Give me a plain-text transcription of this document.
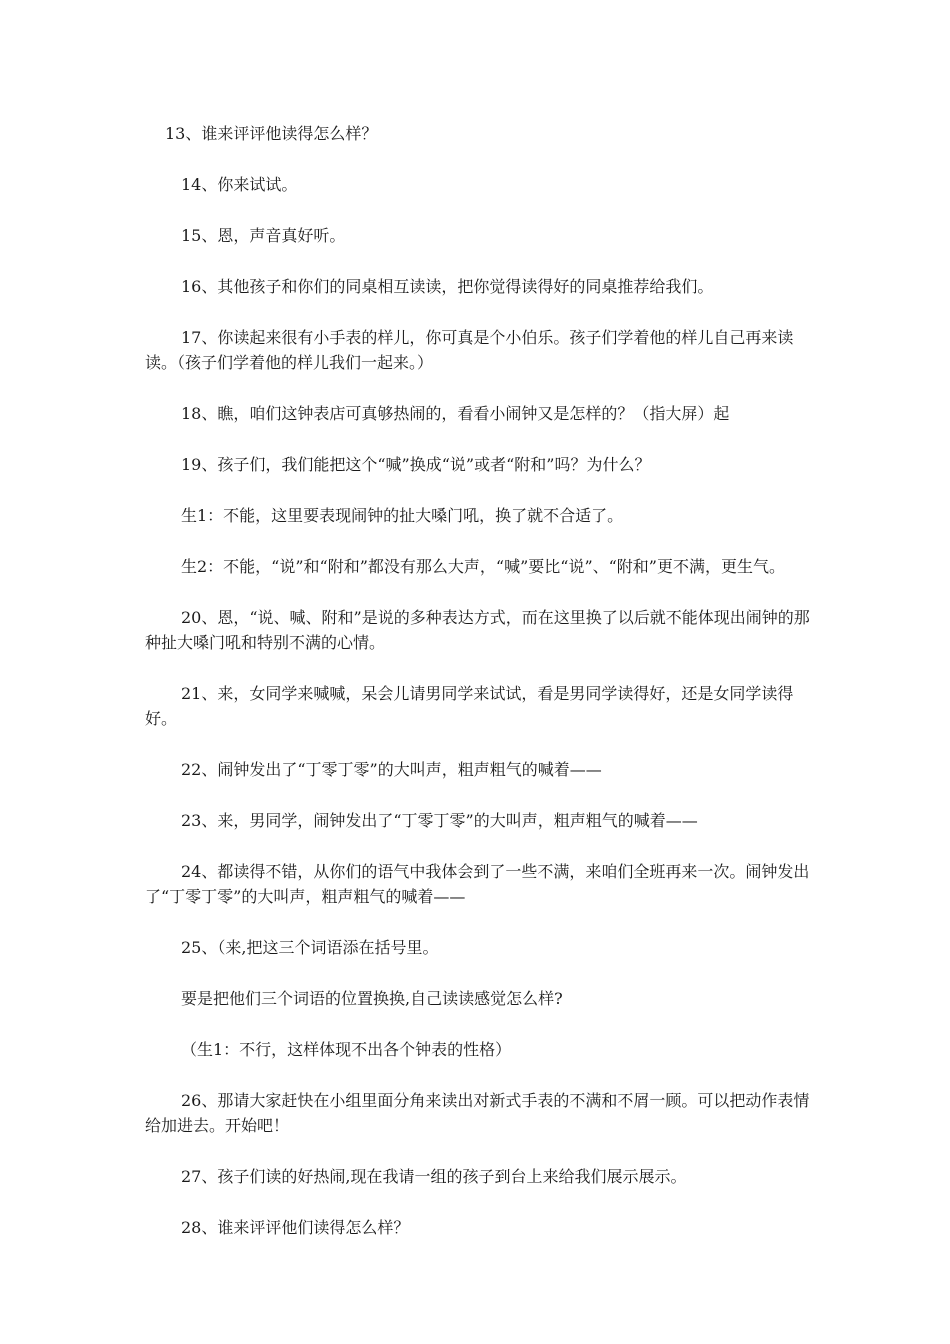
13、谁来评评他读得怎么样？

14、你来试试。

15、恩，声音真好听。

16、其他孩子和你们的同桌相互读读，把你觉得读得好的同桌推荐给我们。

17、你读起来很有小手表的样儿，你可真是个小伯乐。孩子们学着他的样儿自己再来读读。（孩子们学着他的样儿我们一起来。）

18、瞧，咱们这钟表店可真够热闹的，看看小闹钟又是怎样的？（指大屏）起

19、孩子们，我们能把这个“喊”换成“说”或者“附和”吗？为什么？

生1：不能，这里要表现闹钟的扯大嗓门吼，换了就不合适了。

生2：不能，“说”和“附和”都没有那么大声，“喊”要比“说”、“附和”更不满，更生气。

20、恩，“说、喊、附和”是说的多种表达方式，而在这里换了以后就不能体现出闹钟的那种扯大嗓门吼和特别不满的心情。

21、来，女同学来喊喊，呆会儿请男同学来试试，看是男同学读得好，还是女同学读得好。

22、闹钟发出了“丁零丁零”的大叫声，粗声粗气的喊着——

23、来，男同学，闹钟发出了“丁零丁零”的大叫声，粗声粗气的喊着——

24、都读得不错，从你们的语气中我体会到了一些不满，来咱们全班再来一次。闹钟发出了“丁零丁零”的大叫声，粗声粗气的喊着——

25、（来,把这三个词语添在括号里。

要是把他们三个词语的位置换换,自己读读感觉怎么样?

（生1：不行，这样体现不出各个钟表的性格）

26、那请大家赶快在小组里面分角来读出对新式手表的不满和不屑一顾。可以把动作表情给加进去。开始吧！

27、孩子们读的好热闹,现在我请一组的孩子到台上来给我们展示展示。

28、谁来评评他们读得怎么样？
